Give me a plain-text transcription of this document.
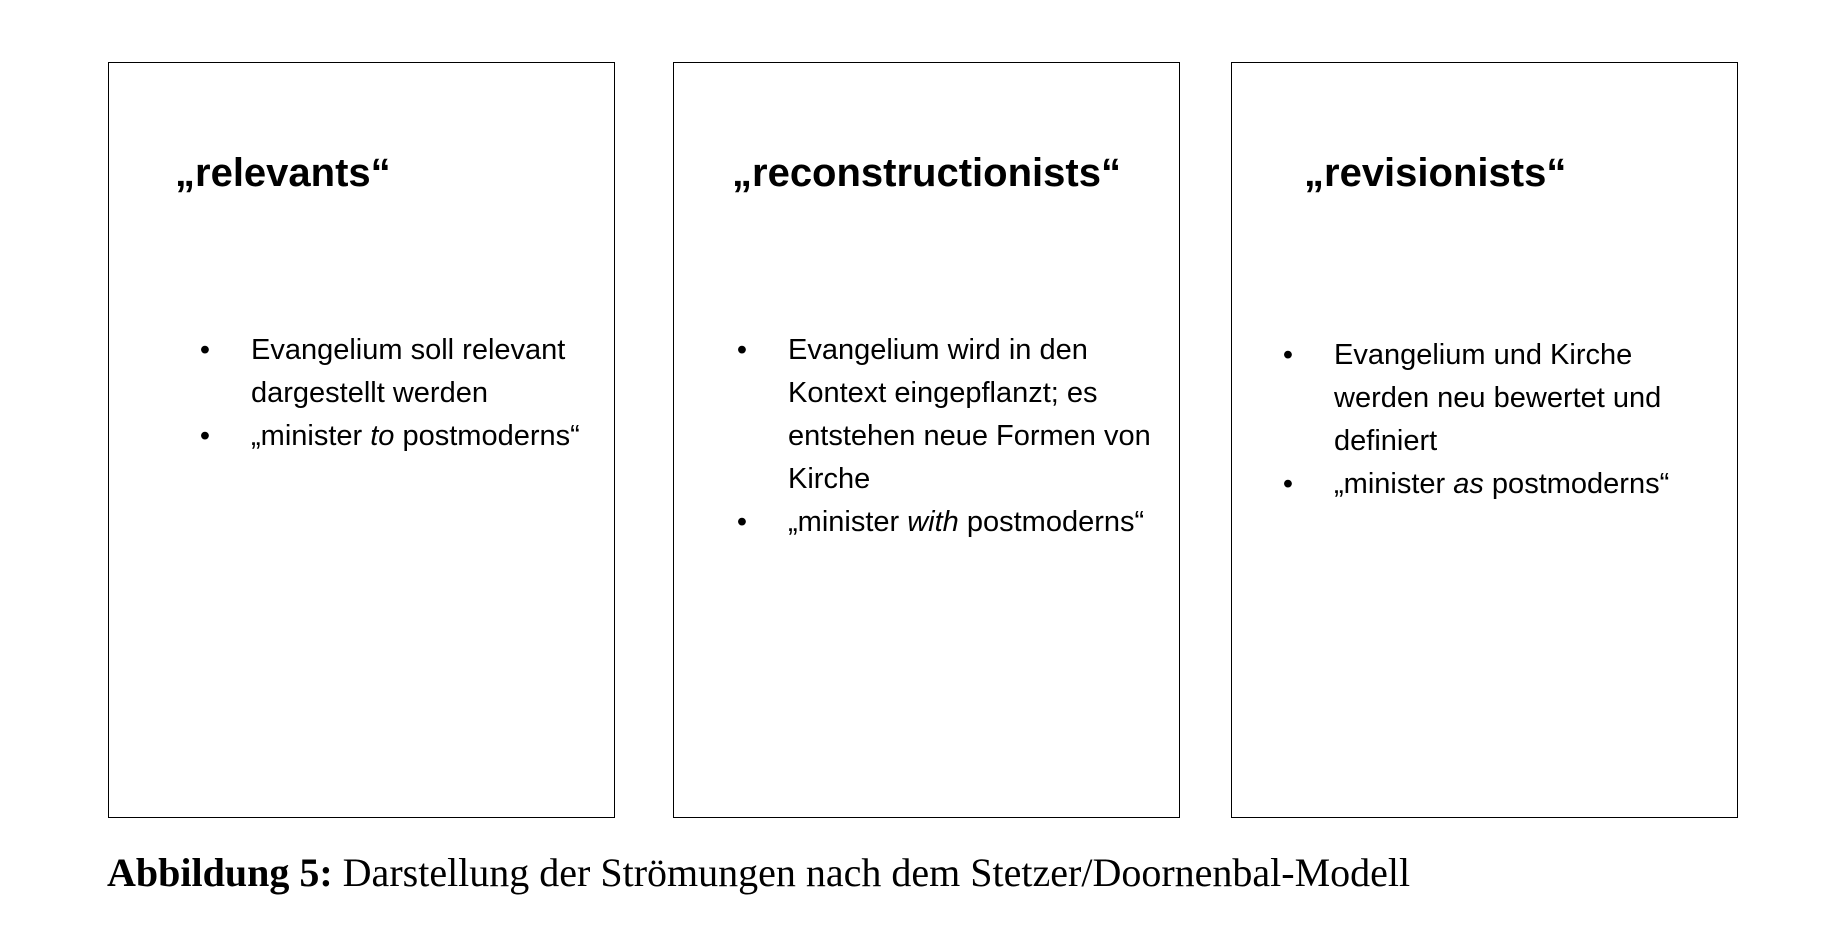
„relevants“
• Evangelium soll relevant dargestellt werden
• „minister to postmoderns“
„reconstructionists“
• Evangelium wird in den Kontext eingepflanzt; es entstehen neue Formen von Kirche
• „minister with postmoderns“
„revisionists“
• Evangelium und Kirche werden neu bewertet und definiert
• „minister as postmoderns“

Abbildung 5: Darstellung der Strömungen nach dem Stetzer/Doornenbal-Modell
